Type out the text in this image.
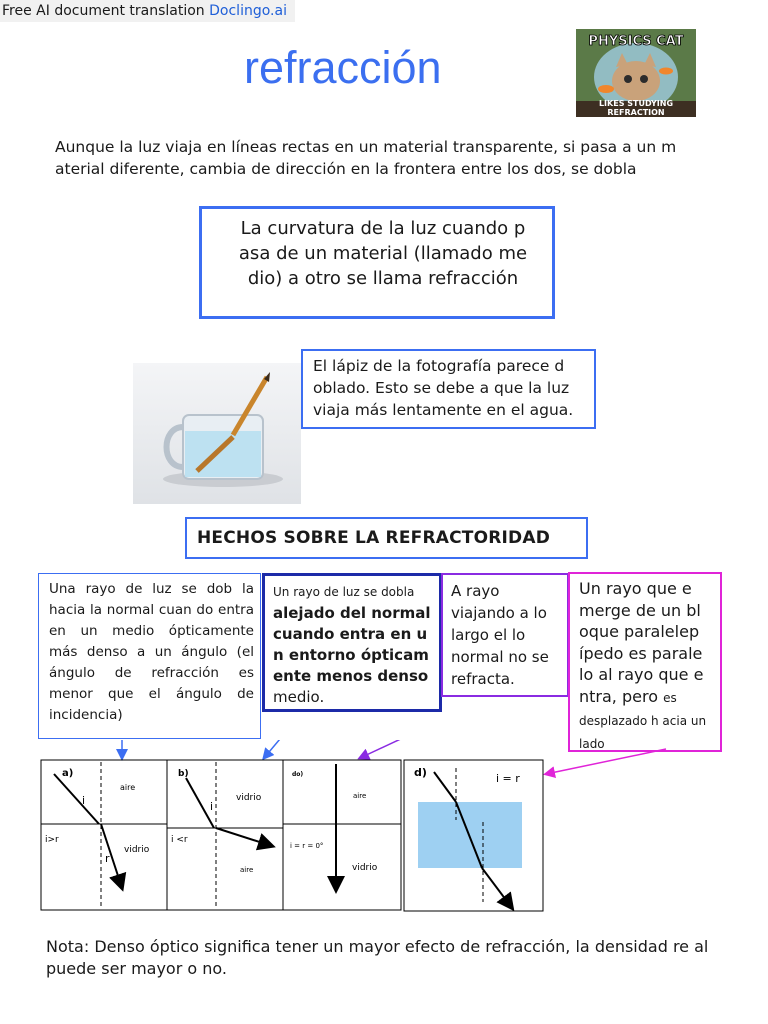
Free AI document translation Doclingo.ai
refracción
PHYSICS CAT
LIKES STUDYING
REFRACTION
Aunque la luz viaja en líneas rectas en un material transparente, si pasa a un m aterial diferente, cambia de dirección en la frontera entre los dos, se dobla
La curvatura de la luz cuando p asa de un material (llamado me dio) a otro se llama refracción
El lápiz de la fotografía parece d oblado. Esto se debe a que la luz viaja más lentamente en el agua.
HECHOS SOBRE LA REFRACTORIDAD
Una rayo de luz se dob la hacia la normal cuan do entra en un medio ópticamente más denso a un ángulo (el ángulo de refracción es menor que el ángulo de incidencia)
Un rayo de luz se dobla
alejado del normal cuando entra en u n entorno ópticam ente menos denso medio.
A rayo viajando a lo largo el lo normal no se refracta.
Un rayo que e merge de un bl oque paralelep ípedo es parale lo al rayo que e ntra, pero es desplazado h acia un lado
a)
aire
i
i>r
r
vidrio
b)
vidrio
i
i <r
aire
do)
aire
i = r = 0°
vidrio
d)	i = r
Nota: Denso óptico significa tener un mayor efecto de refracción, la densidad re al puede ser mayor o no.
